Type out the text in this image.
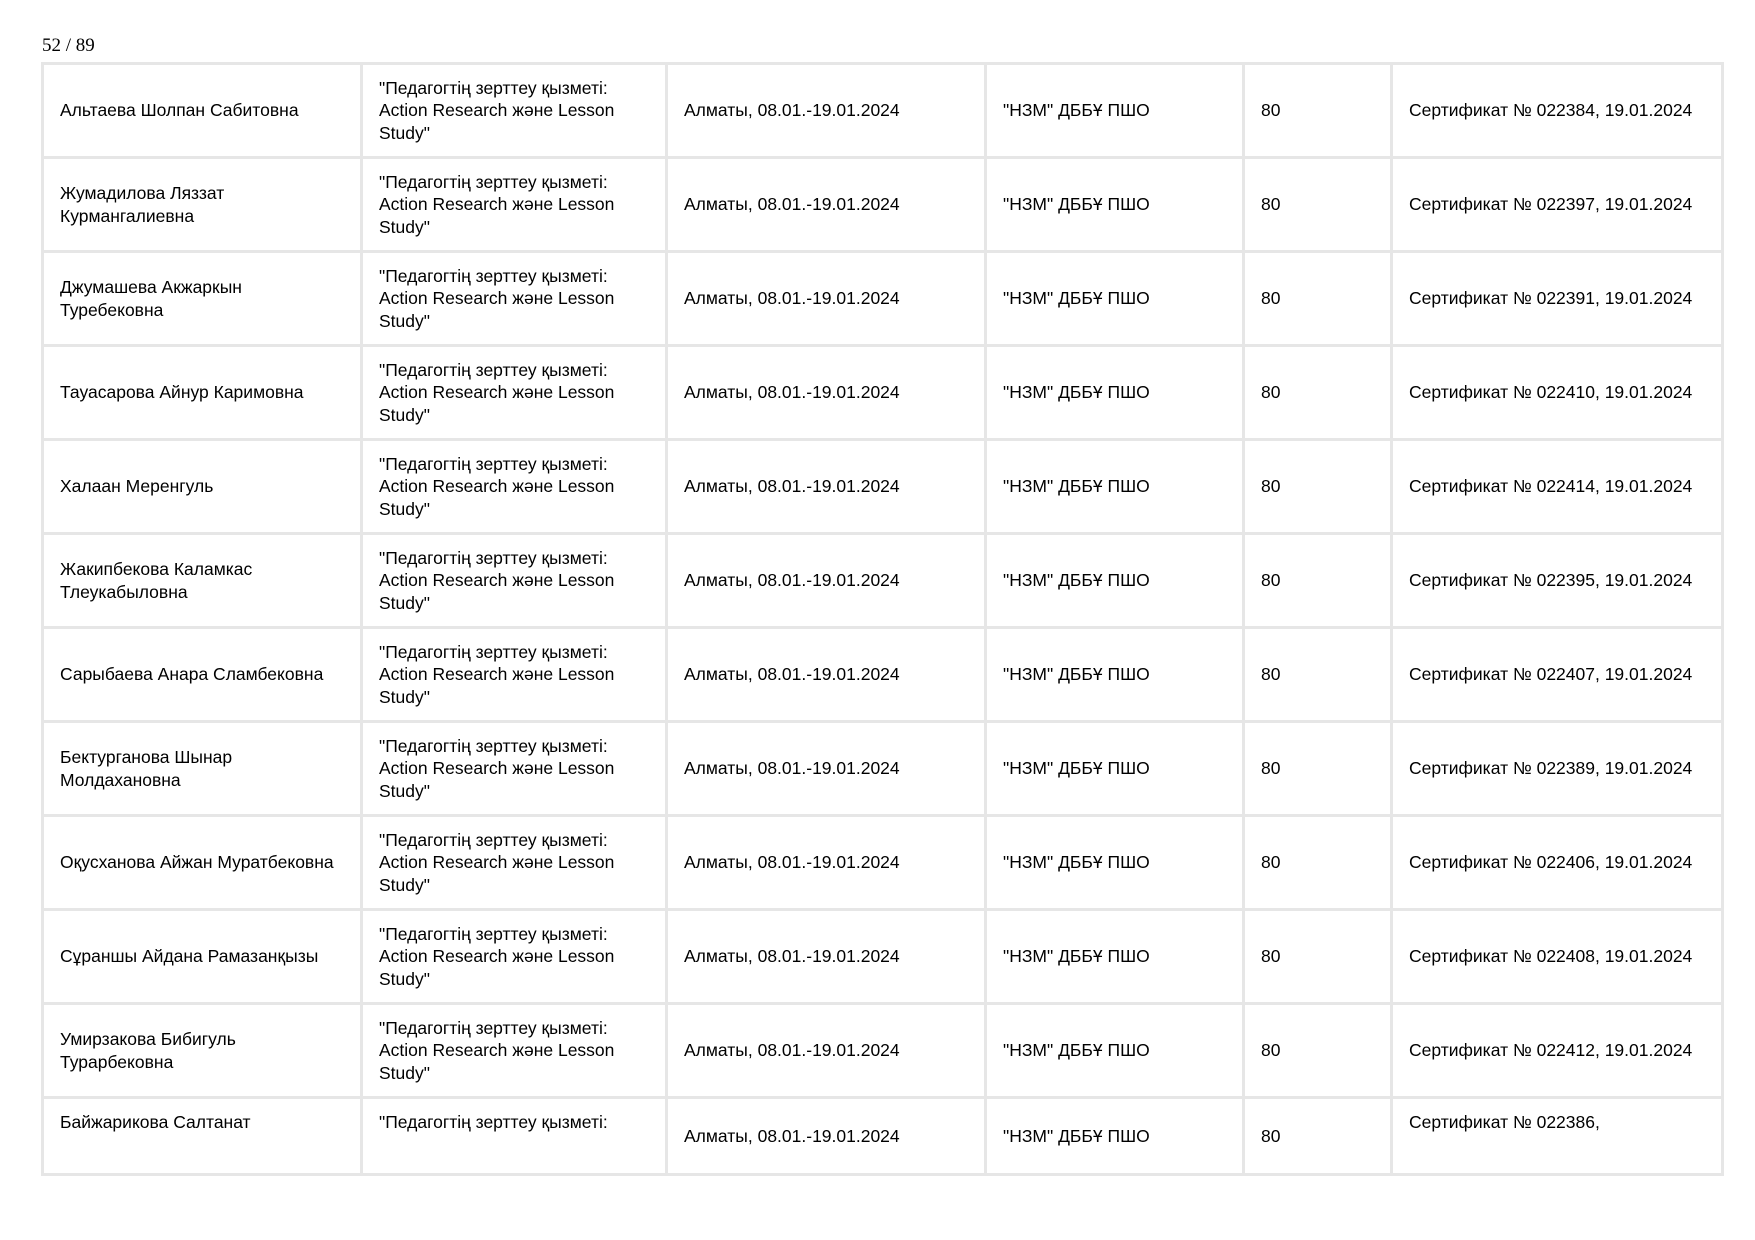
52 / 89
Альтаева Шолпан Сабитовна	"Педагогтің зерттеу қызметі: Action Research және Lesson Study"	Алматы, 08.01.-19.01.2024	"НЗМ" ДББҰ ПШО	80	Сертификат № 022384, 19.01.2024
Жумадилова Ляззат Курмангалиевна	"Педагогтің зерттеу қызметі: Action Research және Lesson Study"	Алматы, 08.01.-19.01.2024	"НЗМ" ДББҰ ПШО	80	Сертификат № 022397, 19.01.2024
Джумашева Акжаркын Туребековна	"Педагогтің зерттеу қызметі: Action Research және Lesson Study"	Алматы, 08.01.-19.01.2024	"НЗМ" ДББҰ ПШО	80	Сертификат № 022391, 19.01.2024
Тауасарова Айнур Каримовна	"Педагогтің зерттеу қызметі: Action Research және Lesson Study"	Алматы, 08.01.-19.01.2024	"НЗМ" ДББҰ ПШО	80	Сертификат № 022410, 19.01.2024
Халаан Меренгуль	"Педагогтің зерттеу қызметі: Action Research және Lesson Study"	Алматы, 08.01.-19.01.2024	"НЗМ" ДББҰ ПШО	80	Сертификат № 022414, 19.01.2024
Жакипбекова Каламкас Тлеукабыловна	"Педагогтің зерттеу қызметі: Action Research және Lesson Study"	Алматы, 08.01.-19.01.2024	"НЗМ" ДББҰ ПШО	80	Сертификат № 022395, 19.01.2024
Сарыбаева Анара Сламбековна	"Педагогтің зерттеу қызметі: Action Research және Lesson Study"	Алматы, 08.01.-19.01.2024	"НЗМ" ДББҰ ПШО	80	Сертификат № 022407, 19.01.2024
Бектурганова Шынар Молдахановна	"Педагогтің зерттеу қызметі: Action Research және Lesson Study"	Алматы, 08.01.-19.01.2024	"НЗМ" ДББҰ ПШО	80	Сертификат № 022389, 19.01.2024
Оқусханова Айжан Муратбековна	"Педагогтің зерттеу қызметі: Action Research және Lesson Study"	Алматы, 08.01.-19.01.2024	"НЗМ" ДББҰ ПШО	80	Сертификат № 022406, 19.01.2024
Сұраншы Айдана Рамазанқызы	"Педагогтің зерттеу қызметі: Action Research және Lesson Study"	Алматы, 08.01.-19.01.2024	"НЗМ" ДББҰ ПШО	80	Сертификат № 022408, 19.01.2024
Умирзакова Бибигуль Турарбековна	"Педагогтің зерттеу қызметі: Action Research және Lesson Study"	Алматы, 08.01.-19.01.2024	"НЗМ" ДББҰ ПШО	80	Сертификат № 022412, 19.01.2024
Байжарикова Салтанат	"Педагогтің зерттеу қызметі:	Алматы, 08.01.-19.01.2024	"НЗМ" ДББҰ ПШО	80	Сертификат № 022386,
